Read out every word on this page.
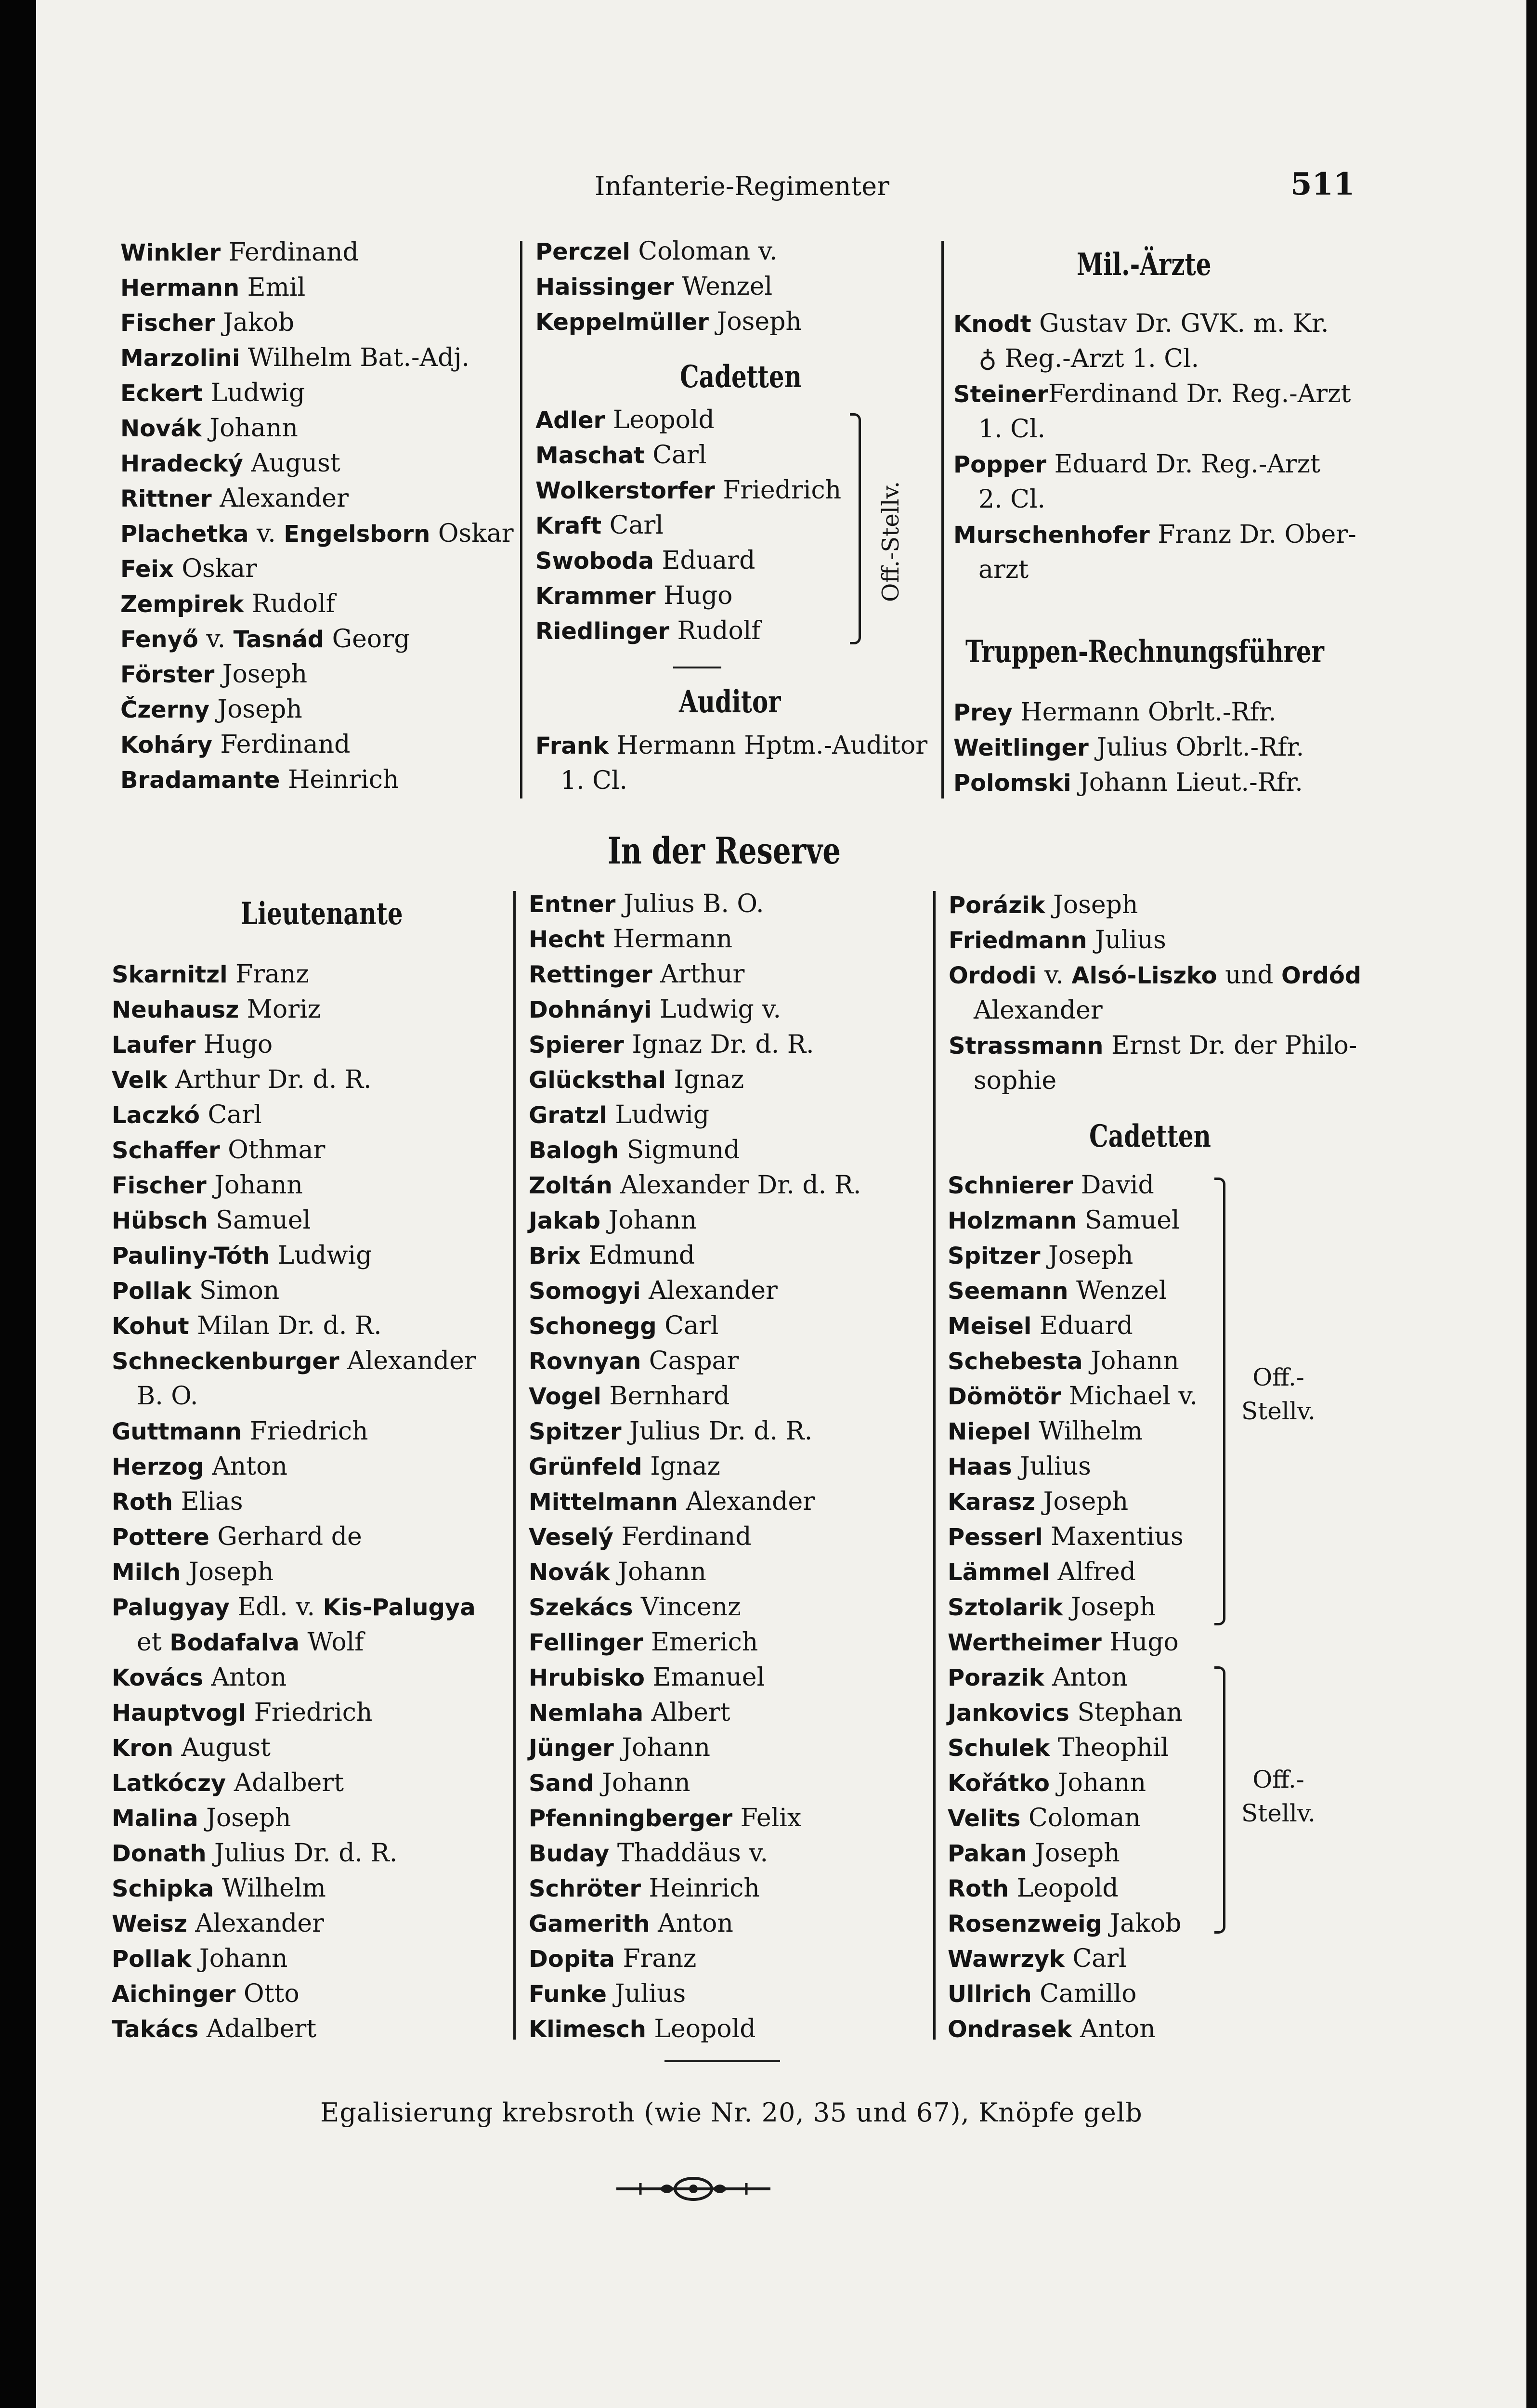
Infanterie-Regimenter	511
Winkler Ferdinand
Hermann Emil
Fischer Jakob
Marzolini Wilhelm Bat.-Adj.
Eckert Ludwig
Novák Johann
Hradecký August
Rittner Alexander
Plachetka v. Engelsborn Oskar
Feix Oskar
Zempirek Rudolf
Fenyő v. Tasnád Georg
Förster Joseph
Čzerny Joseph
Koháry Ferdinand
Bradamante Heinrich
Perczel Coloman v.
Haissinger Wenzel
Keppelmüller Joseph
Cadetten
Adler Leopold
Maschat Carl
Wolkerstorfer Friedrich
Kraft Carl
Swoboda Eduard
Krammer Hugo
Riedlinger Rudolf
Off.-Stellv.
Auditor
Frank Hermann Hptm.-Auditor
1. Cl.
Mil.-Ärzte
Knodt Gustav Dr. GVK. m. Kr.
♁ Reg.-Arzt 1. Cl.
SteinerFerdinand Dr. Reg.-Arzt
1. Cl.
Popper Eduard Dr. Reg.-Arzt
2. Cl.
Murschenhofer Franz Dr. Ober-
arzt
Truppen-Rechnungsführer
Prey Hermann Obrlt.-Rfr.
Weitlinger Julius Obrlt.-Rfr.
Polomski Johann Lieut.-Rfr.
In der Reserve
Lieutenante
Skarnitzl Franz
Neuhausz Moriz
Laufer Hugo
Velk Arthur Dr. d. R.
Laczkó Carl
Schaffer Othmar
Fischer Johann
Hübsch Samuel
Pauliny-Tóth Ludwig
Pollak Simon
Kohut Milan Dr. d. R.
Schneckenburger Alexander
B. O.
Guttmann Friedrich
Herzog Anton
Roth Elias
Pottere Gerhard de
Milch Joseph
Palugyay Edl. v. Kis-Palugya
et Bodafalva Wolf
Kovács Anton
Hauptvogl Friedrich
Kron August
Latkóczy Adalbert
Malina Joseph
Donath Julius Dr. d. R.
Schipka Wilhelm
Weisz Alexander
Pollak Johann
Aichinger Otto
Takács Adalbert
Entner Julius B. O.
Hecht Hermann
Rettinger Arthur
Dohnányi Ludwig v.
Spierer Ignaz Dr. d. R.
Glücksthal Ignaz
Gratzl Ludwig
Balogh Sigmund
Zoltán Alexander Dr. d. R.
Jakab Johann
Brix Edmund
Somogyi Alexander
Schonegg Carl
Rovnyan Caspar
Vogel Bernhard
Spitzer Julius Dr. d. R.
Grünfeld Ignaz
Mittelmann Alexander
Veselý Ferdinand
Novák Johann
Szekács Vincenz
Fellinger Emerich
Hrubisko Emanuel
Nemlaha Albert
Jünger Johann
Sand Johann
Pfenningberger Felix
Buday Thaddäus v.
Schröter Heinrich
Gamerith Anton
Dopita Franz
Funke Julius
Klimesch Leopold
Porázik Joseph
Friedmann Julius
Ordodi v. Alsó-Liszko und Ordód
Alexander
Strassmann Ernst Dr. der Philo-
sophie
Cadetten
Schnierer David
Holzmann Samuel
Spitzer Joseph
Seemann Wenzel
Meisel Eduard
Schebesta Johann
Dömötör Michael v.
Niepel Wilhelm
Haas Julius
Karasz Joseph
Pesserl Maxentius
Lämmel Alfred
Sztolarik Joseph
Wertheimer Hugo
Porazik Anton
Jankovics Stephan
Schulek Theophil
Kořátko Johann
Velits Coloman
Pakan Joseph
Roth Leopold
Rosenzweig Jakob
Wawrzyk Carl
Ullrich Camillo
Ondrasek Anton
Off.-
Stellv.
Off.-
Stellv.
Egalisierung krebsroth (wie Nr. 20, 35 und 67), Knöpfe gelb
